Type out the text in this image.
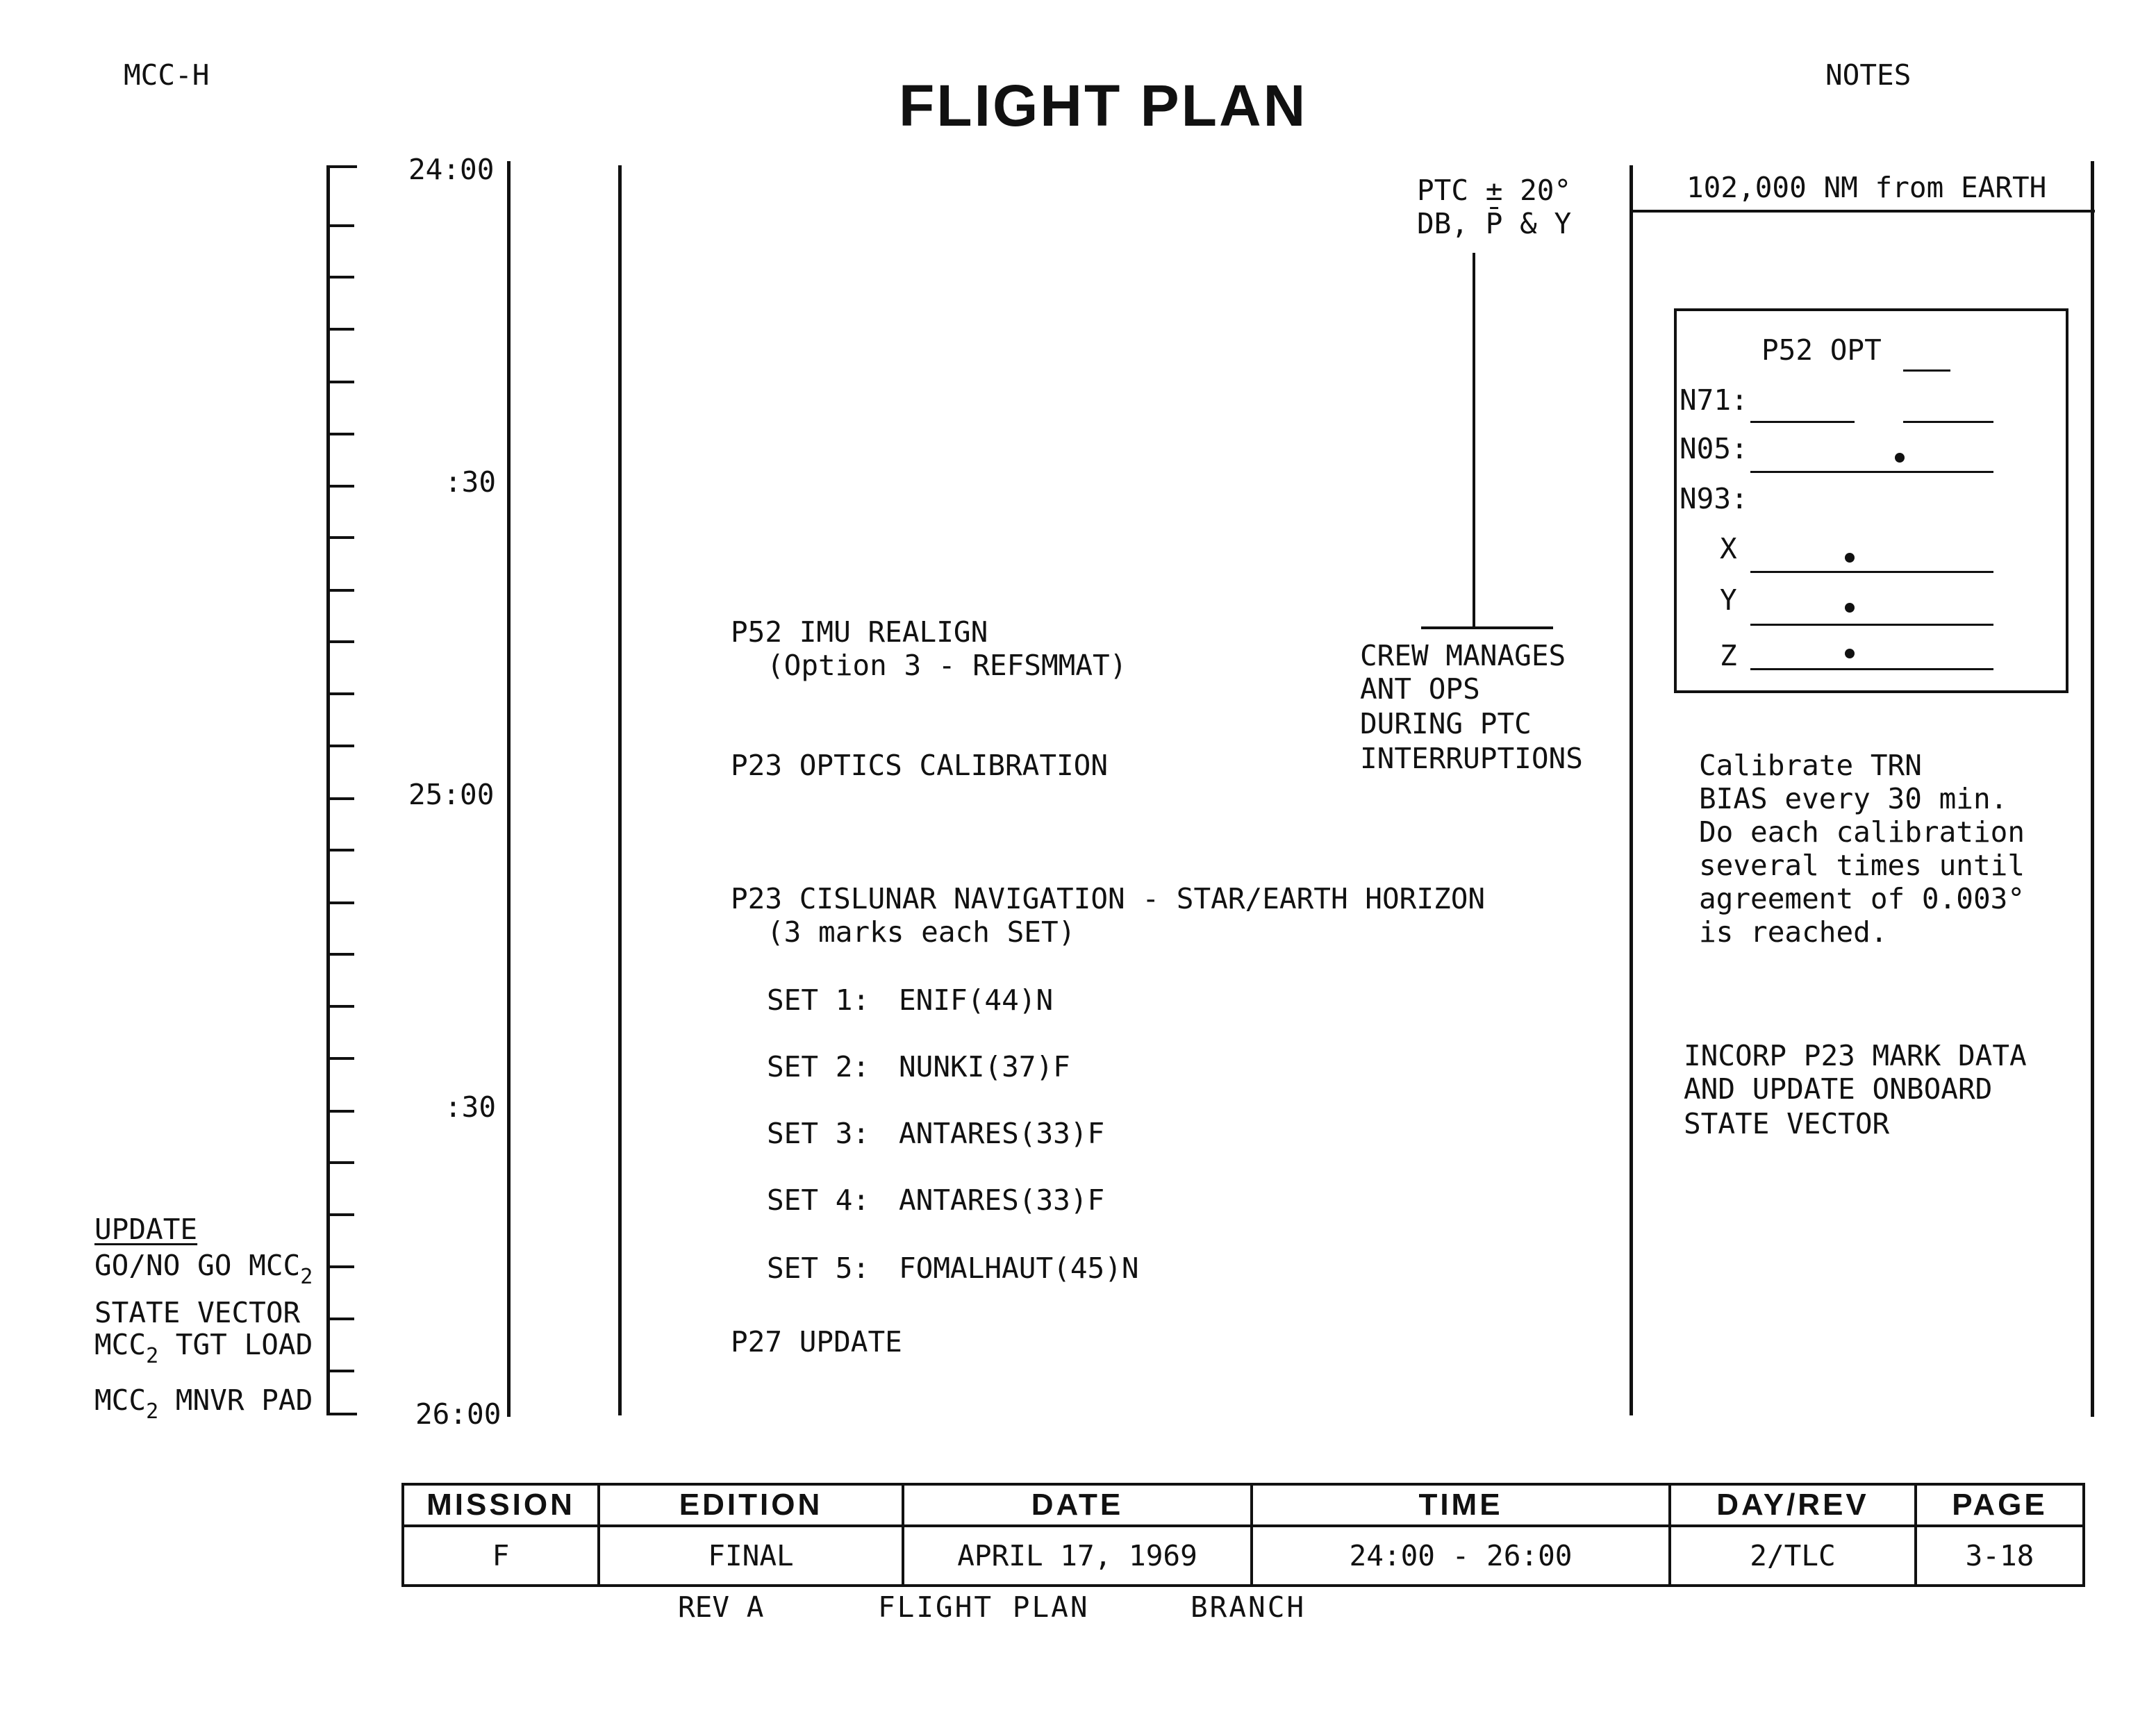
MCC-H	FLIGHT PLAN	NOTES
24:00
:30
25:00
:30
26:00
UPDATE
GO/NO GO $MCC_2$
STATE VECTOR
$MCC_2$ TGT LOAD
$MCC_2$ MNVR PAD
P52 IMU REALIGN
(Option 3 - REFSMMAT)
P23 OPTICS CALIBRATION
P23 CISLUNAR NAVIGATION - STAR/EARTH HORIZON
(3 marks each SET)
SET 1: ENIF(44)N
SET 2: NUNKI(37)F
SET 3: ANTARES(33)F
SET 4: ANTARES(33)F
SET 5: FOMALHAUT(45)N
P27 UPDATE
PTC ± 20°
DB, P̄ & Y
CREW MANAGES
ANT OPS
DURING PTC
INTERRUPTIONS
102,000 NM from EARTH
P52 OPT
N71:
N05:
N93:
X
Y
Z
Calibrate TRN
BIAS every 30 min.
Do each calibration
several times until
agreement of 0.003°
is reached.
INCORP P23 MARK DATA
AND UPDATE ONBOARD
STATE VECTOR
MISSION	EDITION	DATE	TIME	DAY/REV	PAGE
F	FINAL	APRIL 17, 1969	24:00 - 26:00	2/TLC	3-18
REV A	FLIGHT PLAN	BRANCH
